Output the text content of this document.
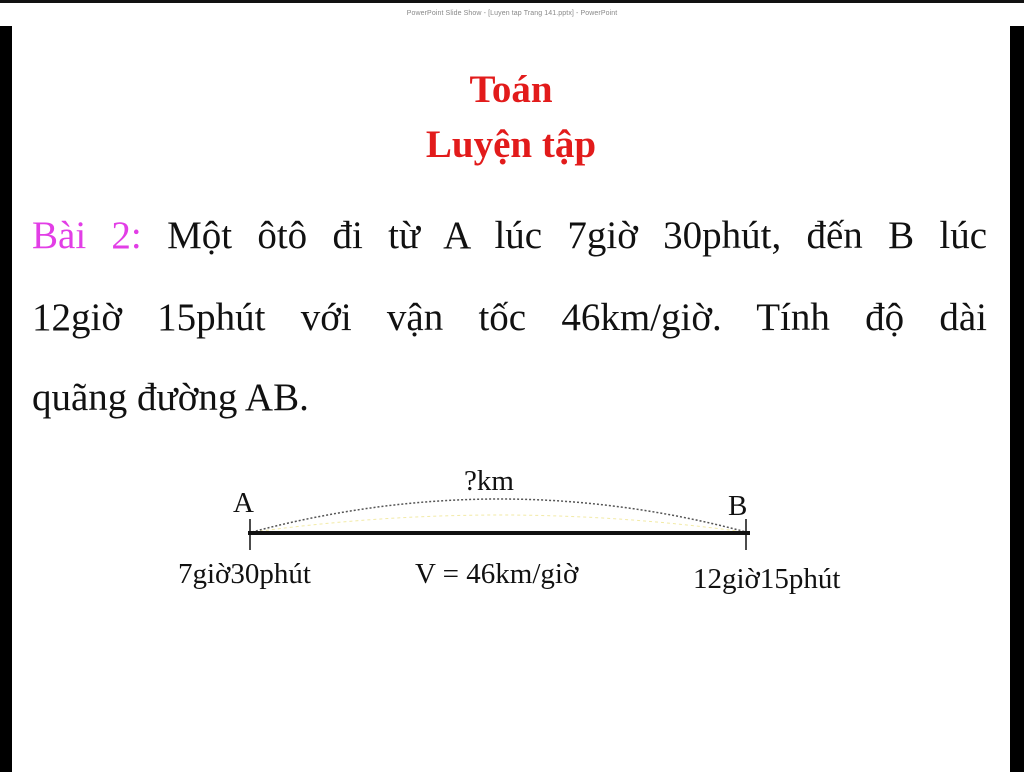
PowerPoint Slide Show - [Luyen tap Trang 141.pptx] - PowerPoint
Toán
Luyện tập
Bài 2: Một ôtô đi từ A lúc 7giờ 30phút, đến B lúc
12giờ 15phút với vận tốc 46km/giờ. Tính độ dài
quãng đường AB.
?km
A	B
7giờ30phút	V = 46km/giờ	12giờ15phút
